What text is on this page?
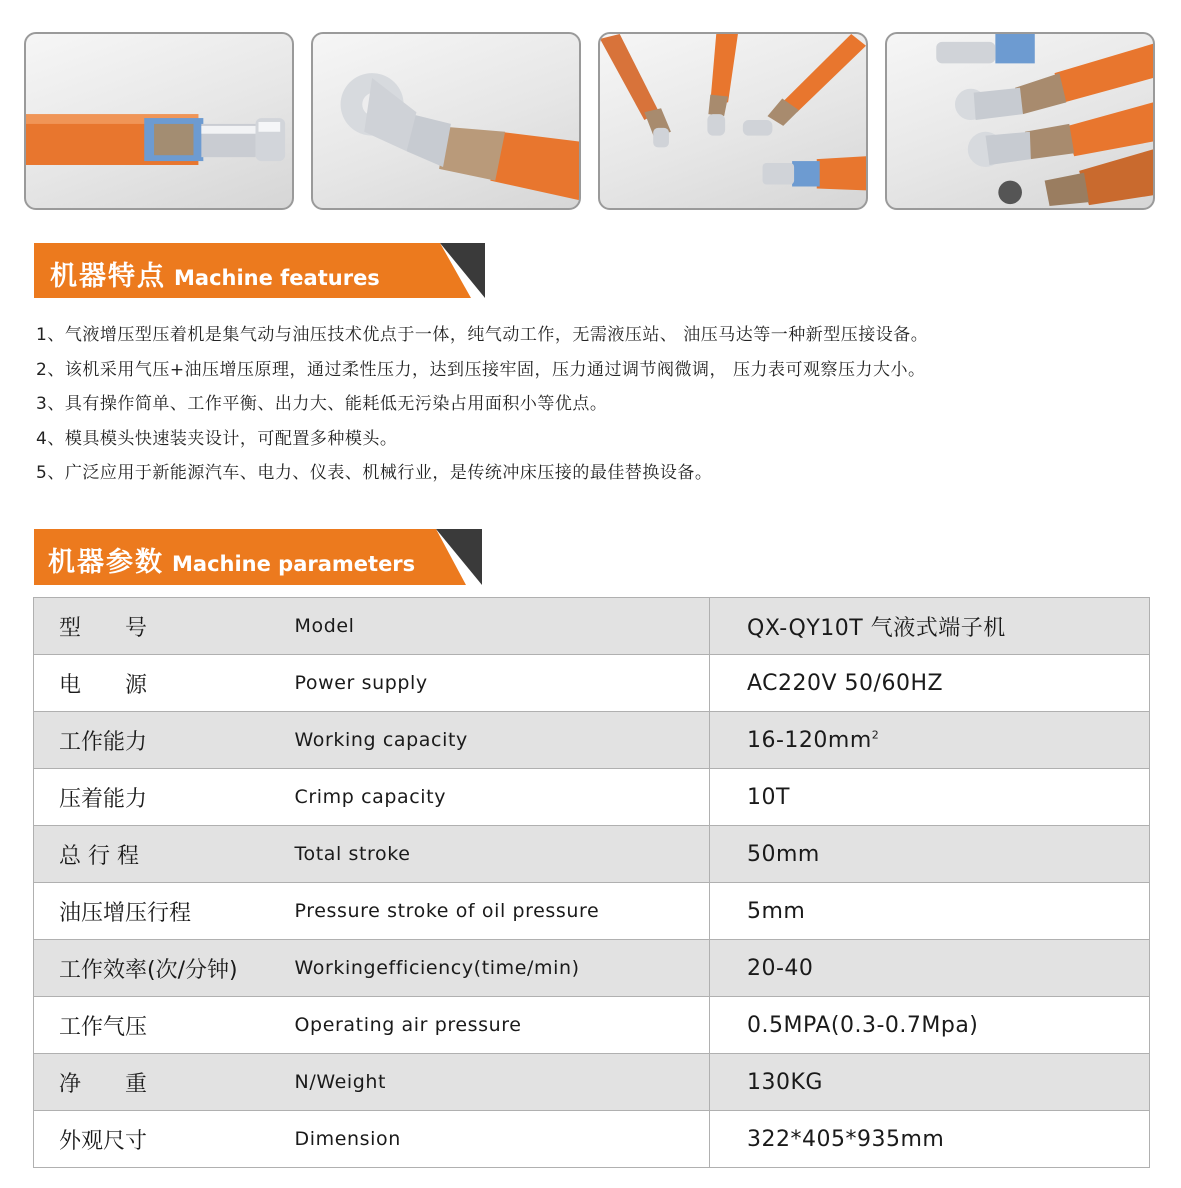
机器特点 Machine features
1、气液增压型压着机是集气动与油压技术优点于一体，纯气动工作，无需液压站、 油压马达等一种新型压接设备。
2、该机采用气压+油压增压原理，通过柔性压力，达到压接牢固，压力通过调节阀微调， 压力表可观察压力大小。
3、具有操作简单、工作平衡、出力大、能耗低无污染占用面积小等优点。
4、模具模头快速装夹设计，可配置多种模头。
5、广泛应用于新能源汽车、电力、仪表、机械行业，是传统冲床压接的最佳替换设备。
机器参数 Machine parameters
型　　号	Model	QX-QY10T 气液式端子机
电　　源	Power supply	AC220V 50/60HZ
工作能力	Working capacity	$16-120mm^2$
压着能力	Crimp capacity	10T
总 行 程	Total stroke	50mm
油压增压行程	Pressure stroke of oil pressure	5mm
工作效率(次/分钟)	Workingefficiency(time/min)	20-40
工作气压	Operating air pressure	0.5MPA(0.3-0.7Mpa)
净　　重	N/Weight	130KG
外观尺寸	Dimension	322*405*935mm
